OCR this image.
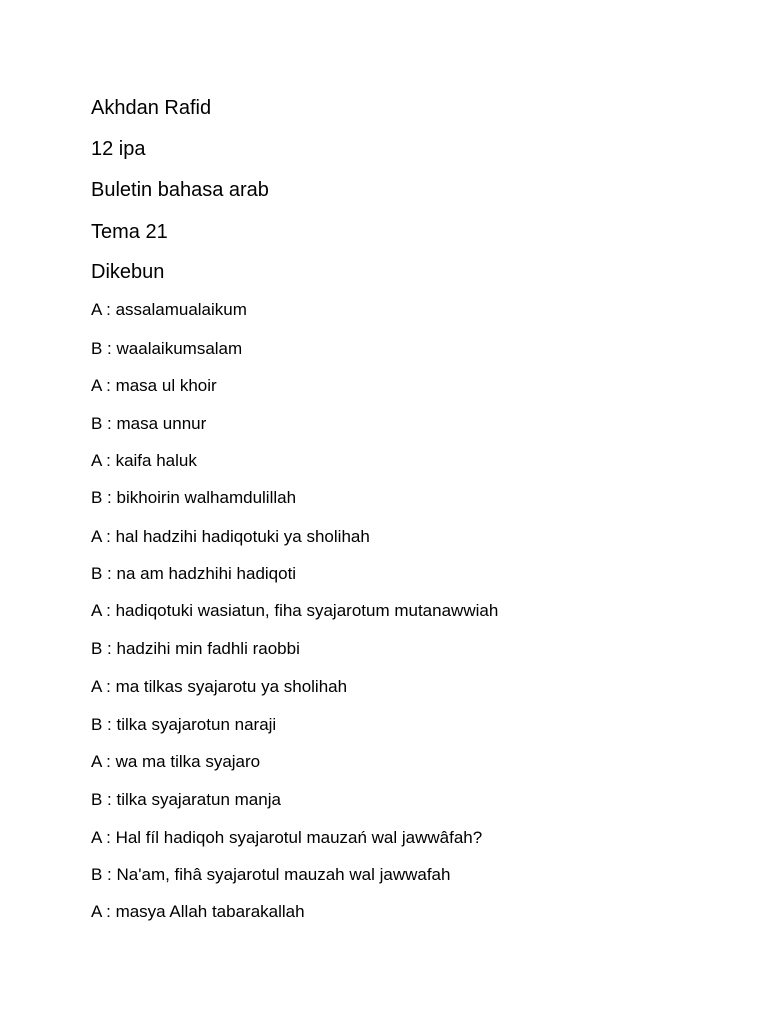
Akhdan Rafid
12 ipa
Buletin bahasa arab
Tema 21
Dikebun
A : assalamualaikum
B : waalaikumsalam
A : masa ul khoir
B : masa unnur
A : kaifa haluk
B : bikhoirin walhamdulillah
A : hal hadzihi hadiqotuki ya sholihah
B : na am hadzhihi hadiqoti
A : hadiqotuki wasiatun, fiha syajarotum mutanawwiah
B : hadzihi min fadhli raobbi
A : ma tilkas syajarotu ya sholihah
B : tilka syajarotun naraji
A : wa ma tilka syajaro
B : tilka syajaratun manja
A : Hal fíl hadiqoh syajarotul mauzań wal jawwâfah?
B : Na'am, fihâ syajarotul mauzah wal jawwafah
A : masya Allah tabarakallah
